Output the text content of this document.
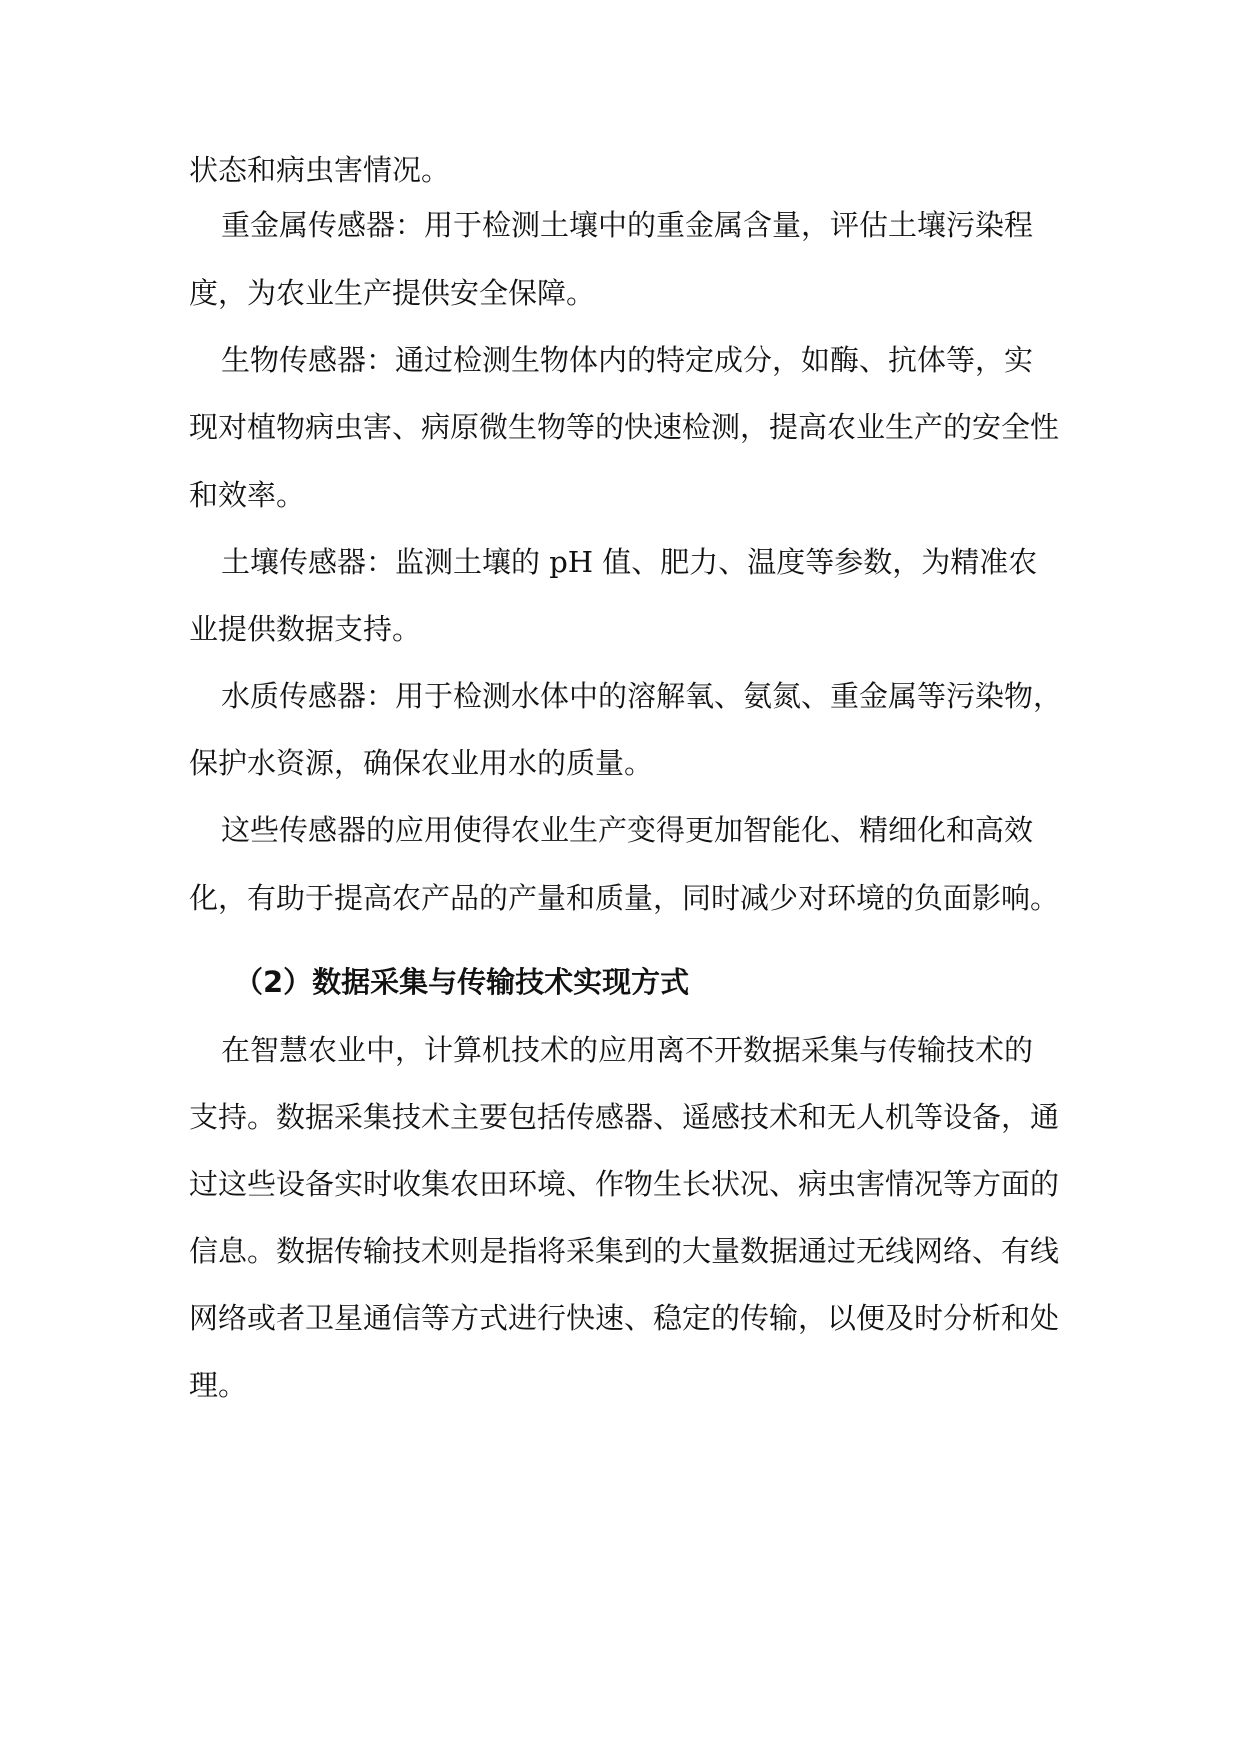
状态和病虫害情况。

重金属传感器：用于检测土壤中的重金属含量，评估土壤污染程

度，为农业生产提供安全保障。

生物传感器：通过检测生物体内的特定成分，如酶、抗体等，实

现对植物病虫害、病原微生物等的快速检测，提高农业生产的安全性

和效率。

土壤传感器：监测土壤的 pH 值、肥力、温度等参数，为精准农

业提供数据支持。

水质传感器：用于检测水体中的溶解氧、氨氮、重金属等污染物，

保护水资源，确保农业用水的质量。

这些传感器的应用使得农业生产变得更加智能化、精细化和高效

化，有助于提高农产品的产量和质量，同时减少对环境的负面影响。

（2）数据采集与传输技术实现方式

在智慧农业中，计算机技术的应用离不开数据采集与传输技术的

支持。数据采集技术主要包括传感器、遥感技术和无人机等设备，通

过这些设备实时收集农田环境、作物生长状况、病虫害情况等方面的

信息。数据传输技术则是指将采集到的大量数据通过无线网络、有线

网络或者卫星通信等方式进行快速、稳定的传输，以便及时分析和处

理。
